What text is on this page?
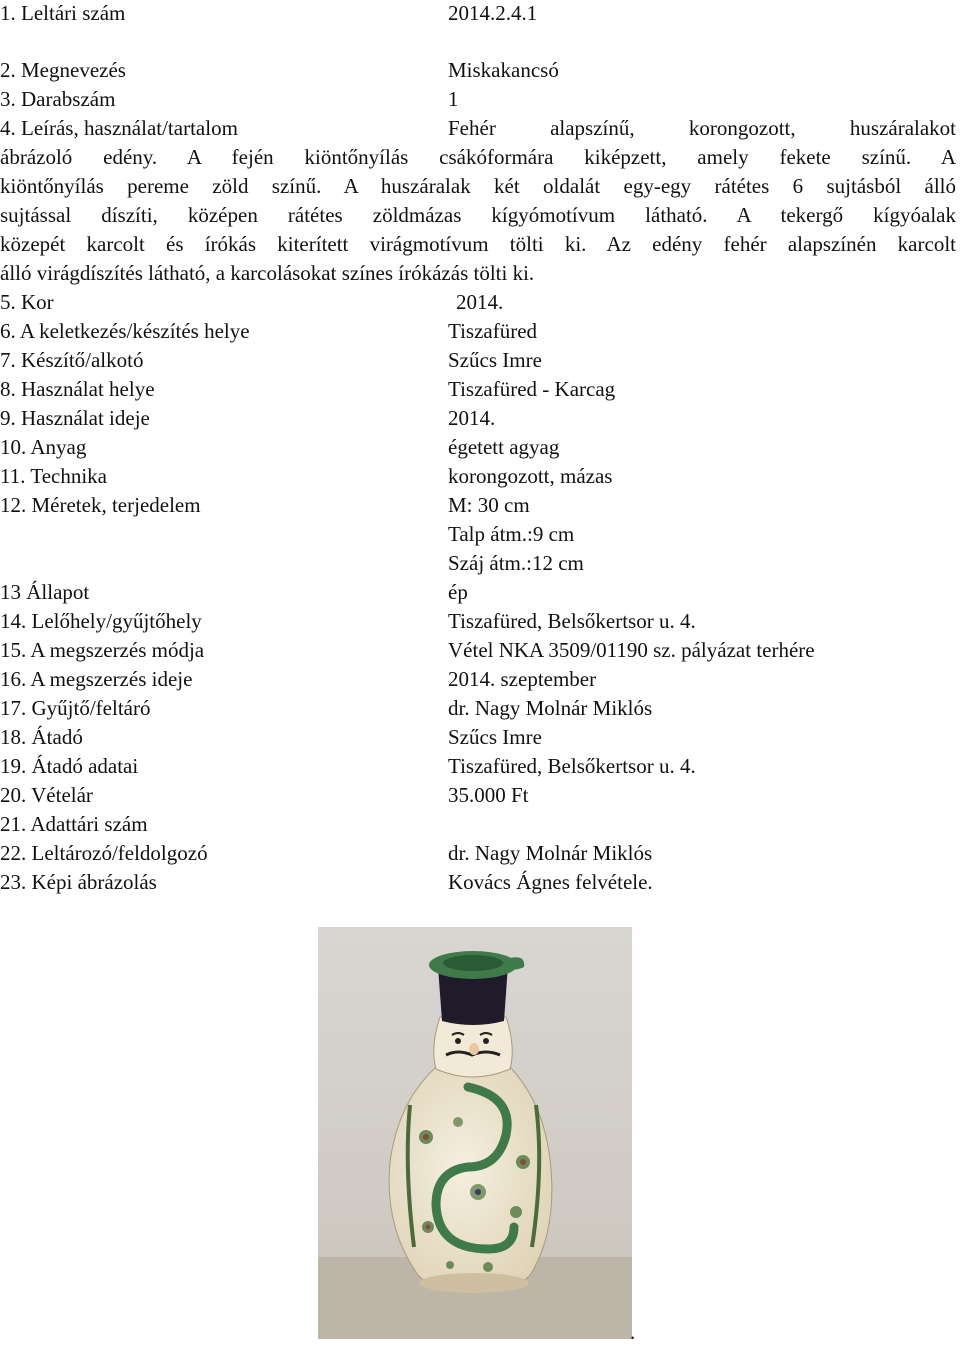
1. Leltári szám	2014.2.4.1
2. Megnevezés	Miskakancsó
3. Darabszám	1
4. Leírás, használat/tartalom	Fehér alapszínű, korongozott, huszáralakot
ábrázoló edény. A fején kiöntőnyílás csákóformára kiképzett, amely fekete színű. A
kiöntőnyílás pereme zöld színű. A huszáralak két oldalát egy-egy rátétes 6 sujtásból álló
sujtással díszíti, középen rátétes zöldmázas kígyómotívum látható. A tekergő kígyóalak
közepét karcolt és írókás kiterített virágmotívum tölti ki. Az edény fehér alapszínén karcolt
álló virágdíszítés látható, a karcolásokat színes írókázás tölti ki.
5. Kor	2014.
6. A keletkezés/készítés helye	Tiszafüred
7. Készítő/alkotó	Szűcs Imre
8. Használat helye	Tiszafüred - Karcag
9. Használat ideje	2014.
10. Anyag	égetett agyag
11. Technika	korongozott, mázas
12. Méretek, terjedelem	M: 30 cm
Talp átm.:9 cm
Száj átm.:12 cm
13 Állapot	ép
14. Lelőhely/gyűjtőhely	Tiszafüred, Belsőkertsor u. 4.
15. A megszerzés módja	Vétel NKA 3509/01190 sz. pályázat terhére
16. A megszerzés ideje	2014. szeptember
17. Gyűjtő/feltáró	dr. Nagy Molnár Miklós
18. Átadó	Szűcs Imre
19. Átadó adatai	Tiszafüred, Belsőkertsor u. 4.
20. Vételár	35.000 Ft
21. Adattári szám
22. Leltározó/feldolgozó	dr. Nagy Molnár Miklós
23. Képi ábrázolás	Kovács Ágnes felvétele.
.
